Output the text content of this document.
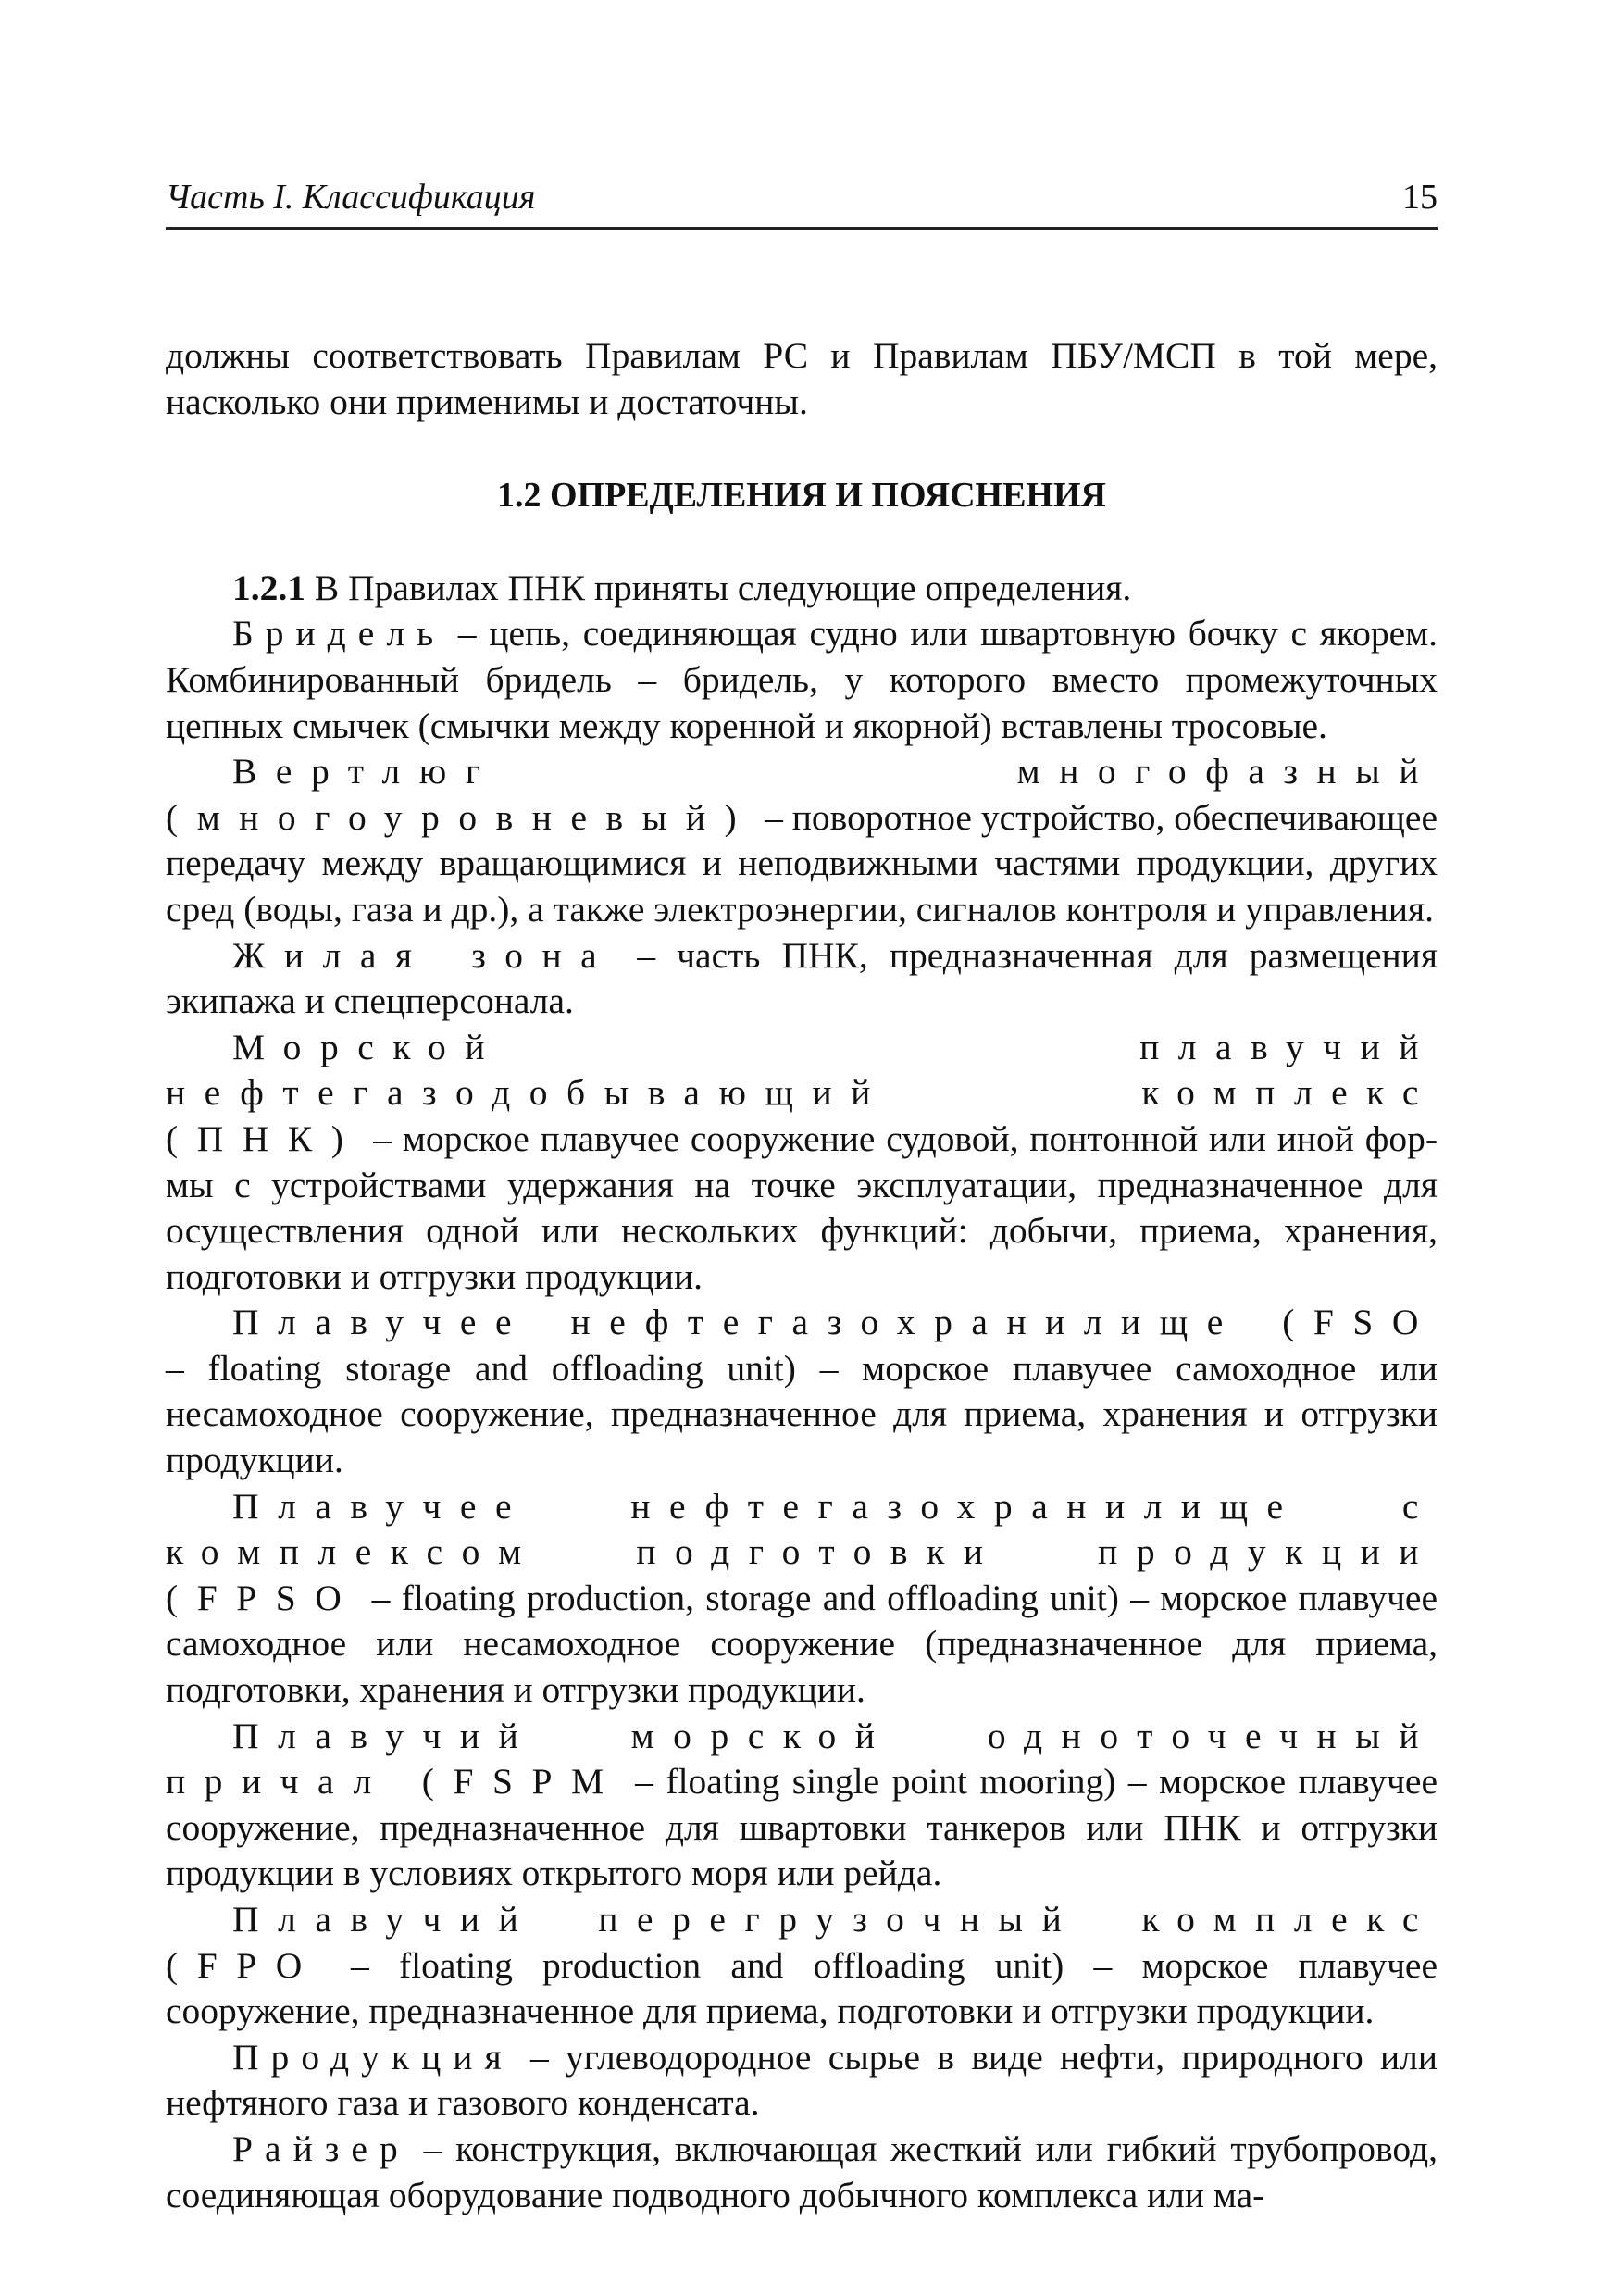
Часть I. Классификация	15

должны соответствовать Правилам РС и Правилам ПБУ/МСП в той мере, насколько они применимы и достаточны.

1.2 ОПРЕДЕЛЕНИЯ И ПОЯСНЕНИЯ

1.2.1 В Правилах ПНК приняты следующие определения.

Бридель – цепь, соединяющая судно или швартовную бочку с якорем. Комбинированный бридель – бридель, у которого вместо промежуточных цепных смычек (смычки между коренной и якорной) вставлены тросовые.

Вертлюг многофазный (многоуровневый) – поворотное устройство, обеспечивающее передачу между вращающимися и неподвижными частями продукции, других сред (воды, газа и др.), а также электроэнергии, сигналов контроля и управления.

Жилая зона – часть ПНК, предназначенная для размещения экипажа и спецперсонала.

Морской плавучий нефтегазодобывающий комплекс (ПНК) – морское плавучее сооружение судовой, понтонной или иной формы с устройствами удержания на точке эксплуатации, предназначенное для осуществления одной или нескольких функций: добычи, приема, хранения, подготовки и отгрузки продукции.

Плавучее нефтегазохранилище (FSO – floating storage and offloading unit) – морское плавучее самоходное или несамоходное сооружение, предназначенное для приема, хранения и отгрузки продукции.

Плавучее нефтегазохранилище с комплексом подготовки продукции (FPSO – floating production, storage and offloading unit) – морское плавучее самоходное или несамоходное сооружение (предназначенное для приема, подготовки, хранения и отгрузки продукции.

Плавучий морской одноточечный причал (FSPM – floating single point mooring) – морское плавучее сооружение, предназначенное для швартовки танкеров или ПНК и отгрузки продукции в условиях открытого моря или рейда.

Плавучий перегрузочный комплекс (FPO – floating production and offloading unit) – морское плавучее сооружение, предназначенное для приема, подготовки и отгрузки продукции.

Продукция – углеводородное сырье в виде нефти, природного или нефтяного газа и газового конденсата.

Райзер – конструкция, включающая жесткий или гибкий трубопровод, соединяющая оборудование подводного добычного комплекса или ма-
